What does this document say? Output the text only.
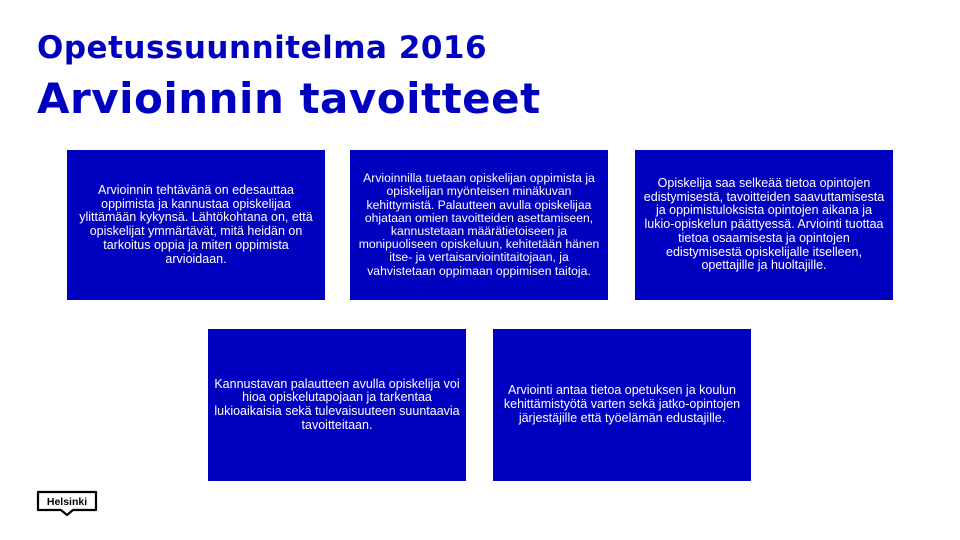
Opetussuunnitelma 2016
Arvioinnin tavoitteet

Arvioinnin tehtävänä on edesauttaa oppimista ja kannustaa opiskelijaa ylittämään kykynsä. Lähtökohtana on, että opiskelijat ymmärtävät, mitä heidän on tarkoitus oppia ja miten oppimista arvioidaan.

Arvioinnilla tuetaan opiskelijan oppimista ja opiskelijan myönteisen minäkuvan kehittymistä. Palautteen avulla opiskelijaa ohjataan omien tavoitteiden asettamiseen, kannustetaan määrätietoiseen ja monipuoliseen opiskeluun, kehitetään hänen itse- ja vertaisarviointitaitojaan, ja vahvistetaan oppimaan oppimisen taitoja.

Opiskelija saa selkeää tietoa opintojen edistymisestä, tavoitteiden saavuttamisesta ja oppimistuloksista opintojen aikana ja lukio-opiskelun päättyessä. Arviointi tuottaa tietoa osaamisesta ja opintojen edistymisestä opiskelijalle itselleen, opettajille ja huoltajille.

Kannustavan palautteen avulla opiskelija voi hioa opiskelutapojaan ja tarkentaa lukioaikaisia sekä tulevaisuuteen suuntaavia tavoitteitaan.

Arviointi antaa tietoa opetuksen ja koulun kehittämistyötä varten sekä jatko-opintojen järjestäjille että työelämän edustajille.

Helsinki
